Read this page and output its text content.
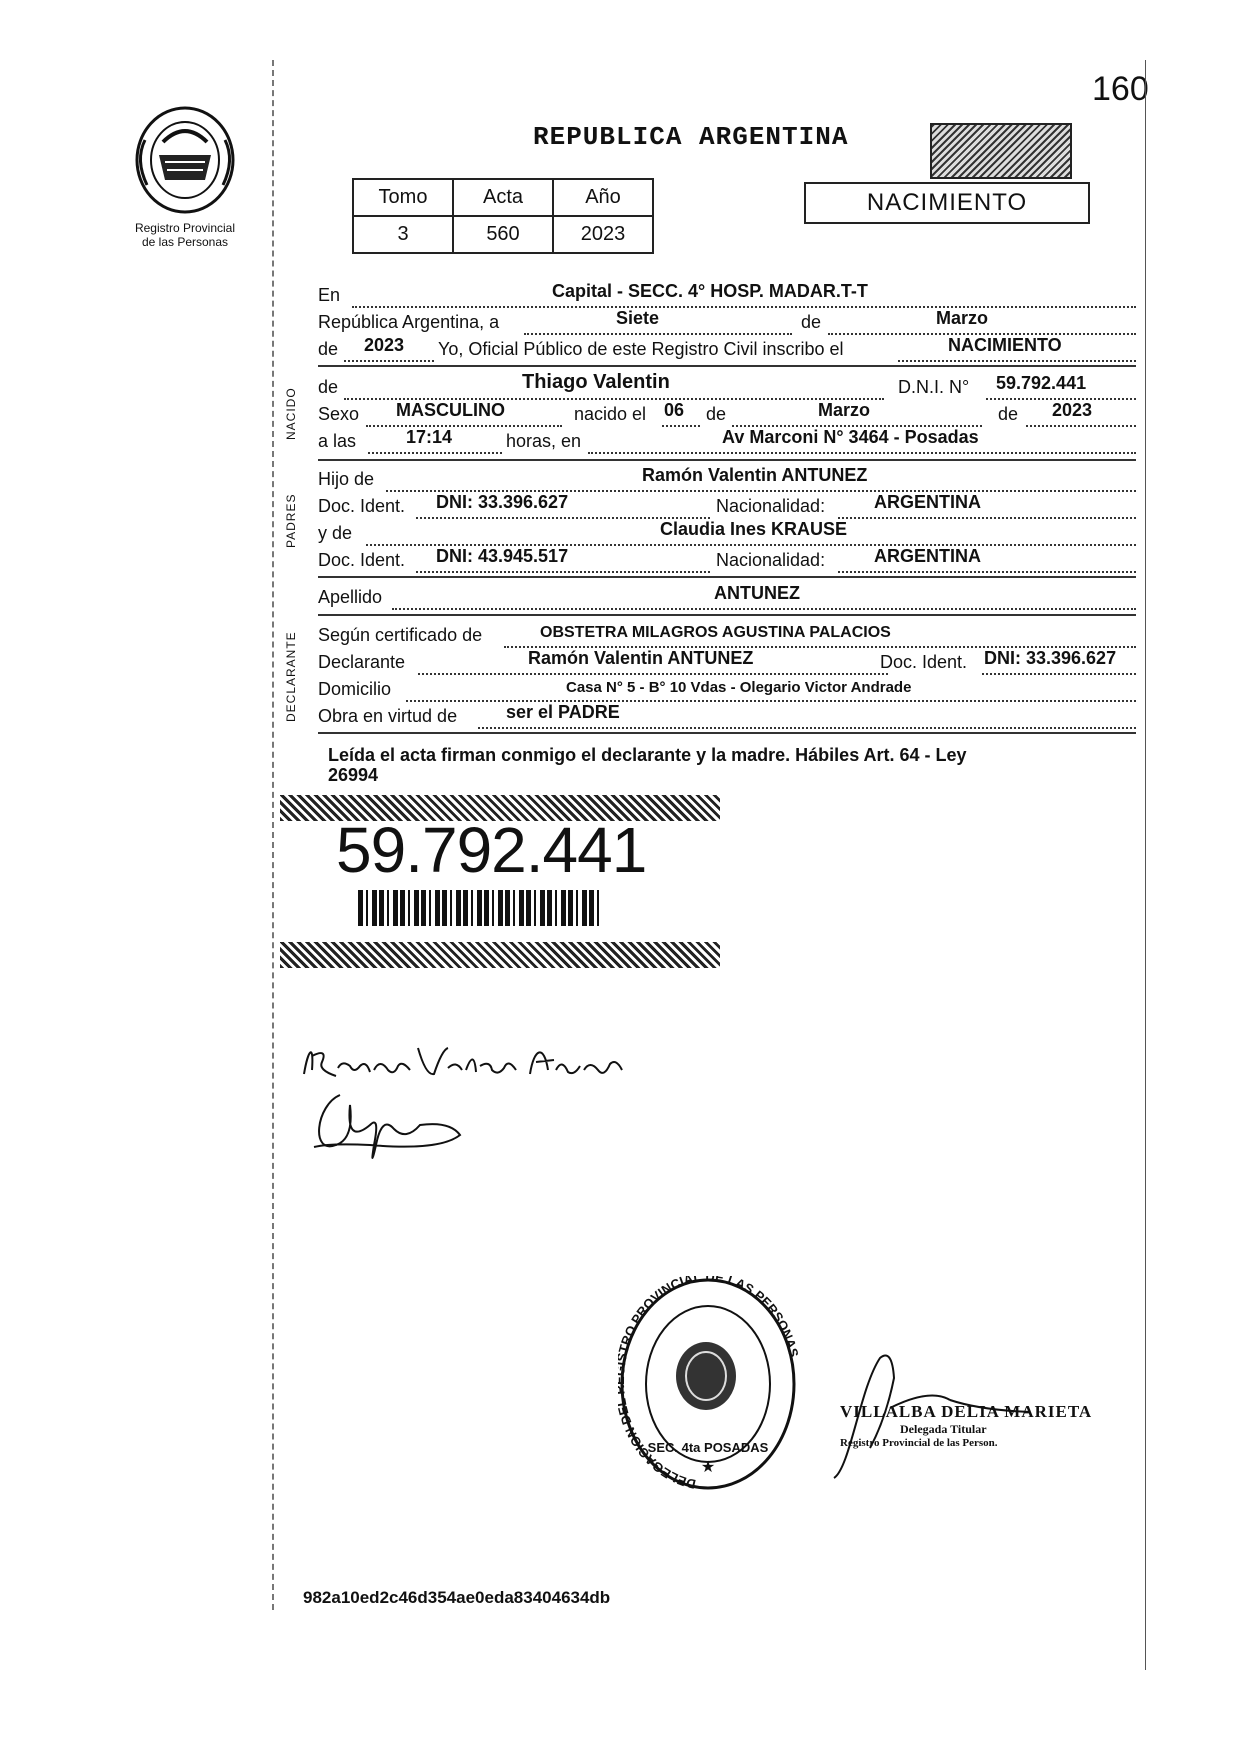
160
Registro Provincial
de las Personas
REPUBLICA ARGENTINA
NACIMIENTO
Tomo	Acta	Año
3	560	2023
En	Capital - SECC. 4° HOSP. MADAR.T-T
República Argentina, a	Siete	de	Marzo
de 2023 Yo, Oficial Público de este Registro Civil inscribo el	NACIMIENTO
NACIDO
de	Thiago Valentin	D.N.I. N° 59.792.441
Sexo MASCULINO	nacido el 06 de	Marzo	de 2023
a las	17:14	horas, en	Av Marconi N° 3464 - Posadas
PADRES
Hijo de	Ramón Valentin ANTUNEZ
Doc. Ident. DNI: 33.396.627	Nacionalidad:	ARGENTINA
y de	Claudia Ines KRAUSE
Doc. Ident. DNI: 43.945.517	Nacionalidad:	ARGENTINA
Apellido	ANTUNEZ
DECLARANTE Según certificado de	OBSTETRA MILAGROS AGUSTINA PALACIOS
Declarante	Ramón Valentin ANTUNEZ	Doc. Ident. DNI: 33.396.627
Domicilio	Casa N° 5 - B° 10 Vdas - Olegario Victor Andrade
Obra en virtud de	ser el PADRE
Leída el acta firman conmigo el declarante y la madre. Hábiles Art. 64 - Ley
26994
59.792.441
DELEGACION D RO PROVINCIAL DE LAS PERSONA
SEC. 4ta POSADAS
★
VILLALBA DELIA MARIETA
Delegada Titular
Registro Provincial de las Person.
982a10ed2c46d354ae0eda83404634db
